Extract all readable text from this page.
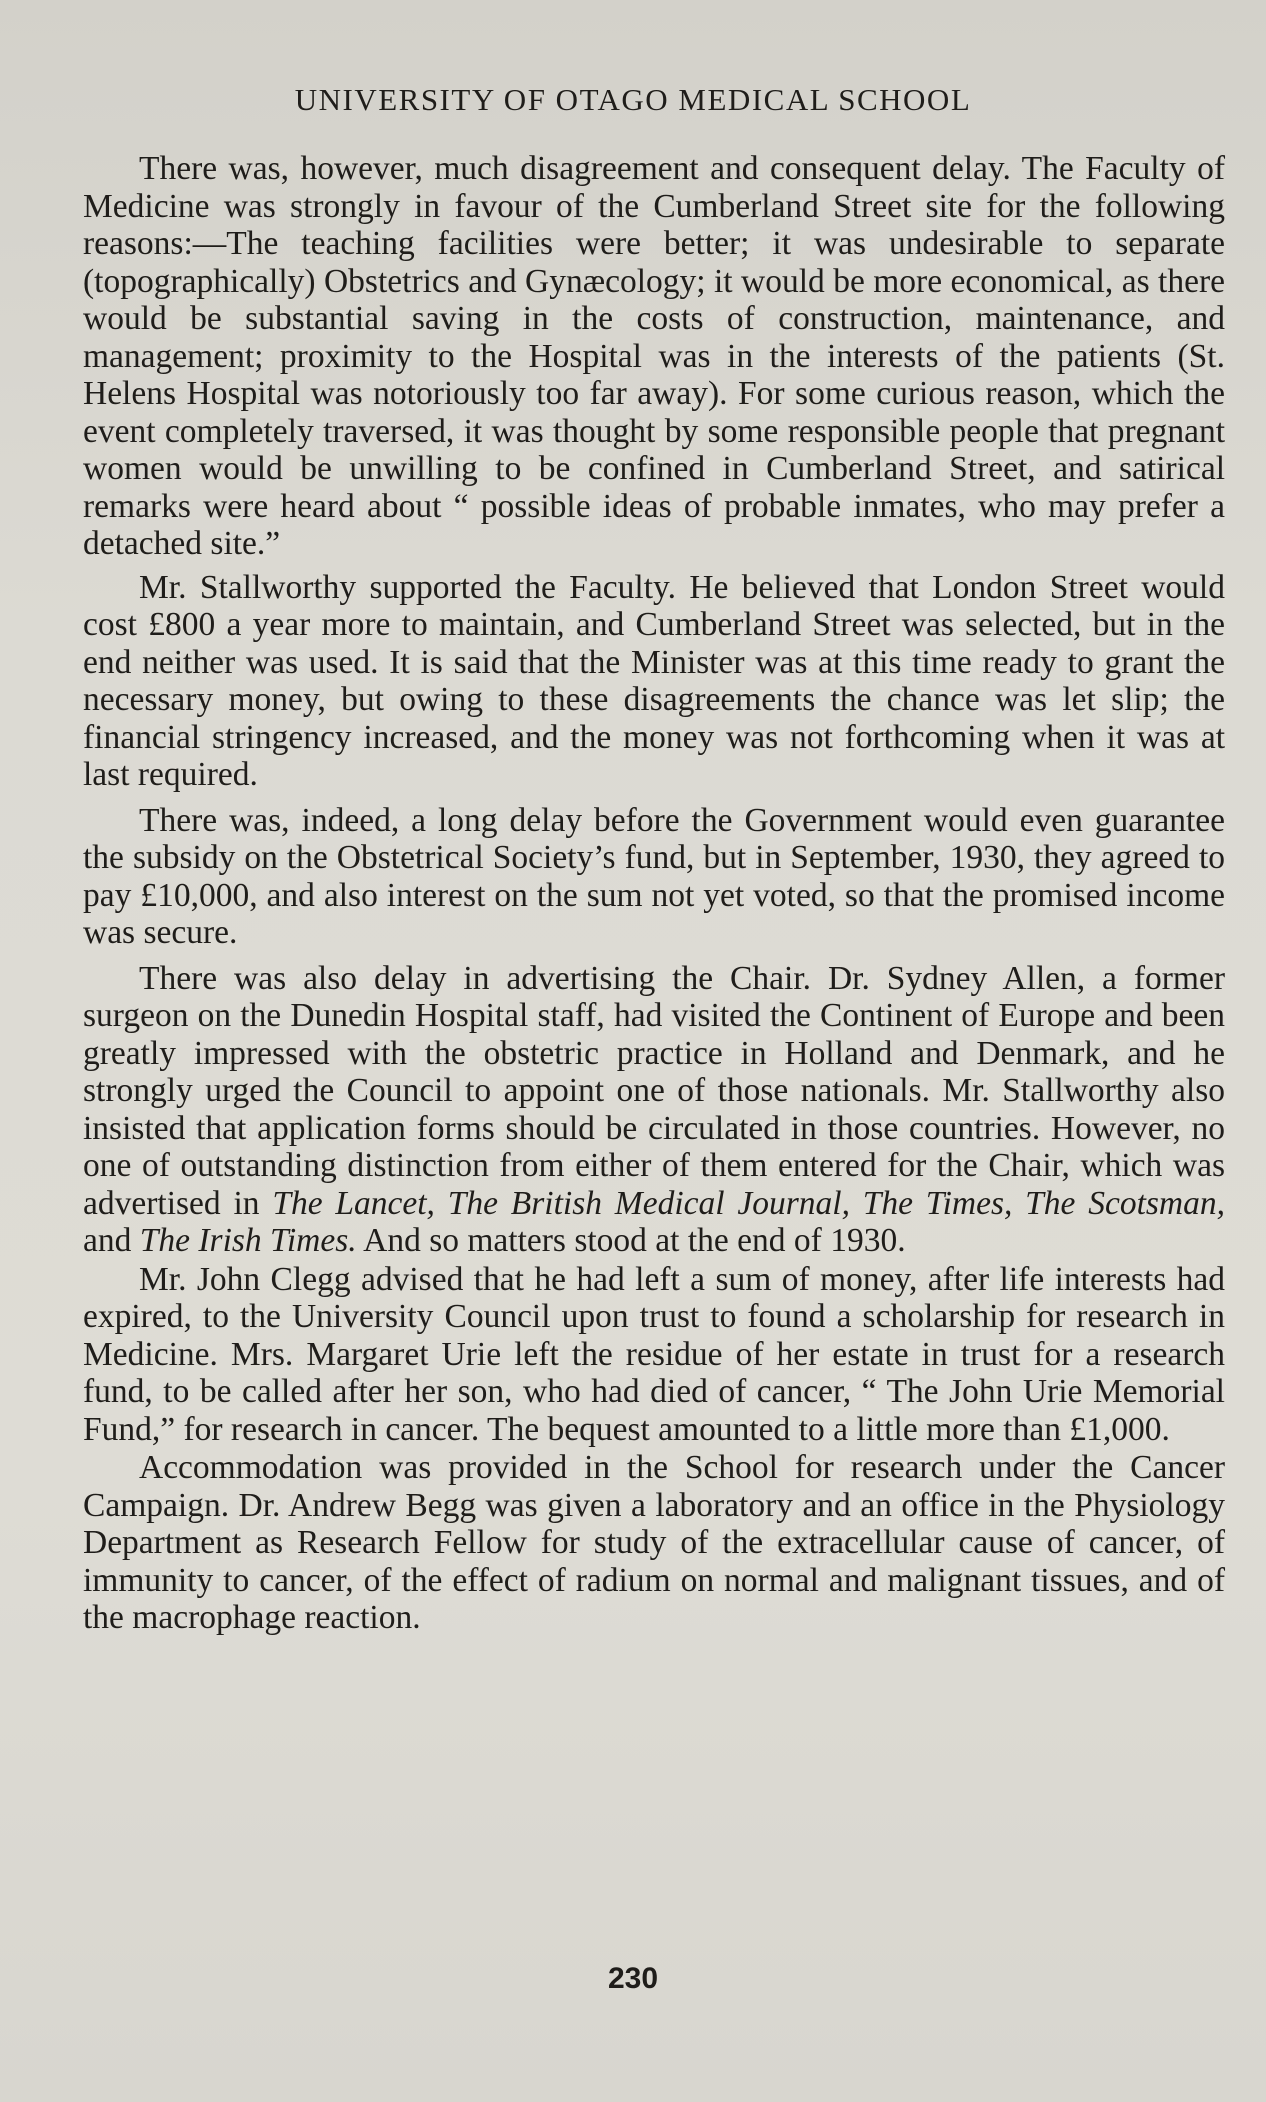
UNIVERSITY OF OTAGO MEDICAL SCHOOL

There was, however, much disagreement and consequent delay. The Faculty of Medicine was strongly in favour of the Cumberland Street site for the following reasons:—The teaching facilities were better; it was undesirable to separate (topographically) Obstetrics and Gynæcology; it would be more economical, as there would be substantial saving in the costs of construction, maintenance, and management; proximity to the Hospital was in the interests of the patients (St. Helens Hospital was notoriously too far away). For some curious reason, which the event completely traversed, it was thought by some responsible people that pregnant women would be unwilling to be confined in Cumberland Street, and satirical remarks were heard about “ possible ideas of probable inmates, who may prefer a detached site.”

Mr. Stallworthy supported the Faculty. He believed that London Street would cost £800 a year more to maintain, and Cumberland Street was selected, but in the end neither was used. It is said that the Minister was at this time ready to grant the necessary money, but owing to these disagreements the chance was let slip; the financial stringency increased, and the money was not forthcoming when it was at last required.

There was, indeed, a long delay before the Government would even guarantee the subsidy on the Obstetrical Society’s fund, but in September, 1930, they agreed to pay £10,000, and also interest on the sum not yet voted, so that the promised income was secure.

There was also delay in advertising the Chair. Dr. Sydney Allen, a former surgeon on the Dunedin Hospital staff, had visited the Continent of Europe and been greatly impressed with the obstetric practice in Holland and Denmark, and he strongly urged the Council to appoint one of those nationals. Mr. Stallworthy also insisted that application forms should be circulated in those countries. However, no one of outstanding distinction from either of them entered for the Chair, which was advertised in The Lancet, The British Medical Journal, The Times, The Scotsman, and The Irish Times. And so matters stood at the end of 1930.

Mr. John Clegg advised that he had left a sum of money, after life interests had expired, to the University Council upon trust to found a scholarship for research in Medicine. Mrs. Margaret Urie left the residue of her estate in trust for a research fund, to be called after her son, who had died of cancer, “ The John Urie Memorial Fund,” for research in cancer. The bequest amounted to a little more than £1,000.

Accommodation was provided in the School for research under the Cancer Campaign. Dr. Andrew Begg was given a laboratory and an office in the Physiology Department as Research Fellow for study of the extracellular cause of cancer, of immunity to cancer, of the effect of radium on normal and malignant tissues, and of the macrophage reaction.

230
